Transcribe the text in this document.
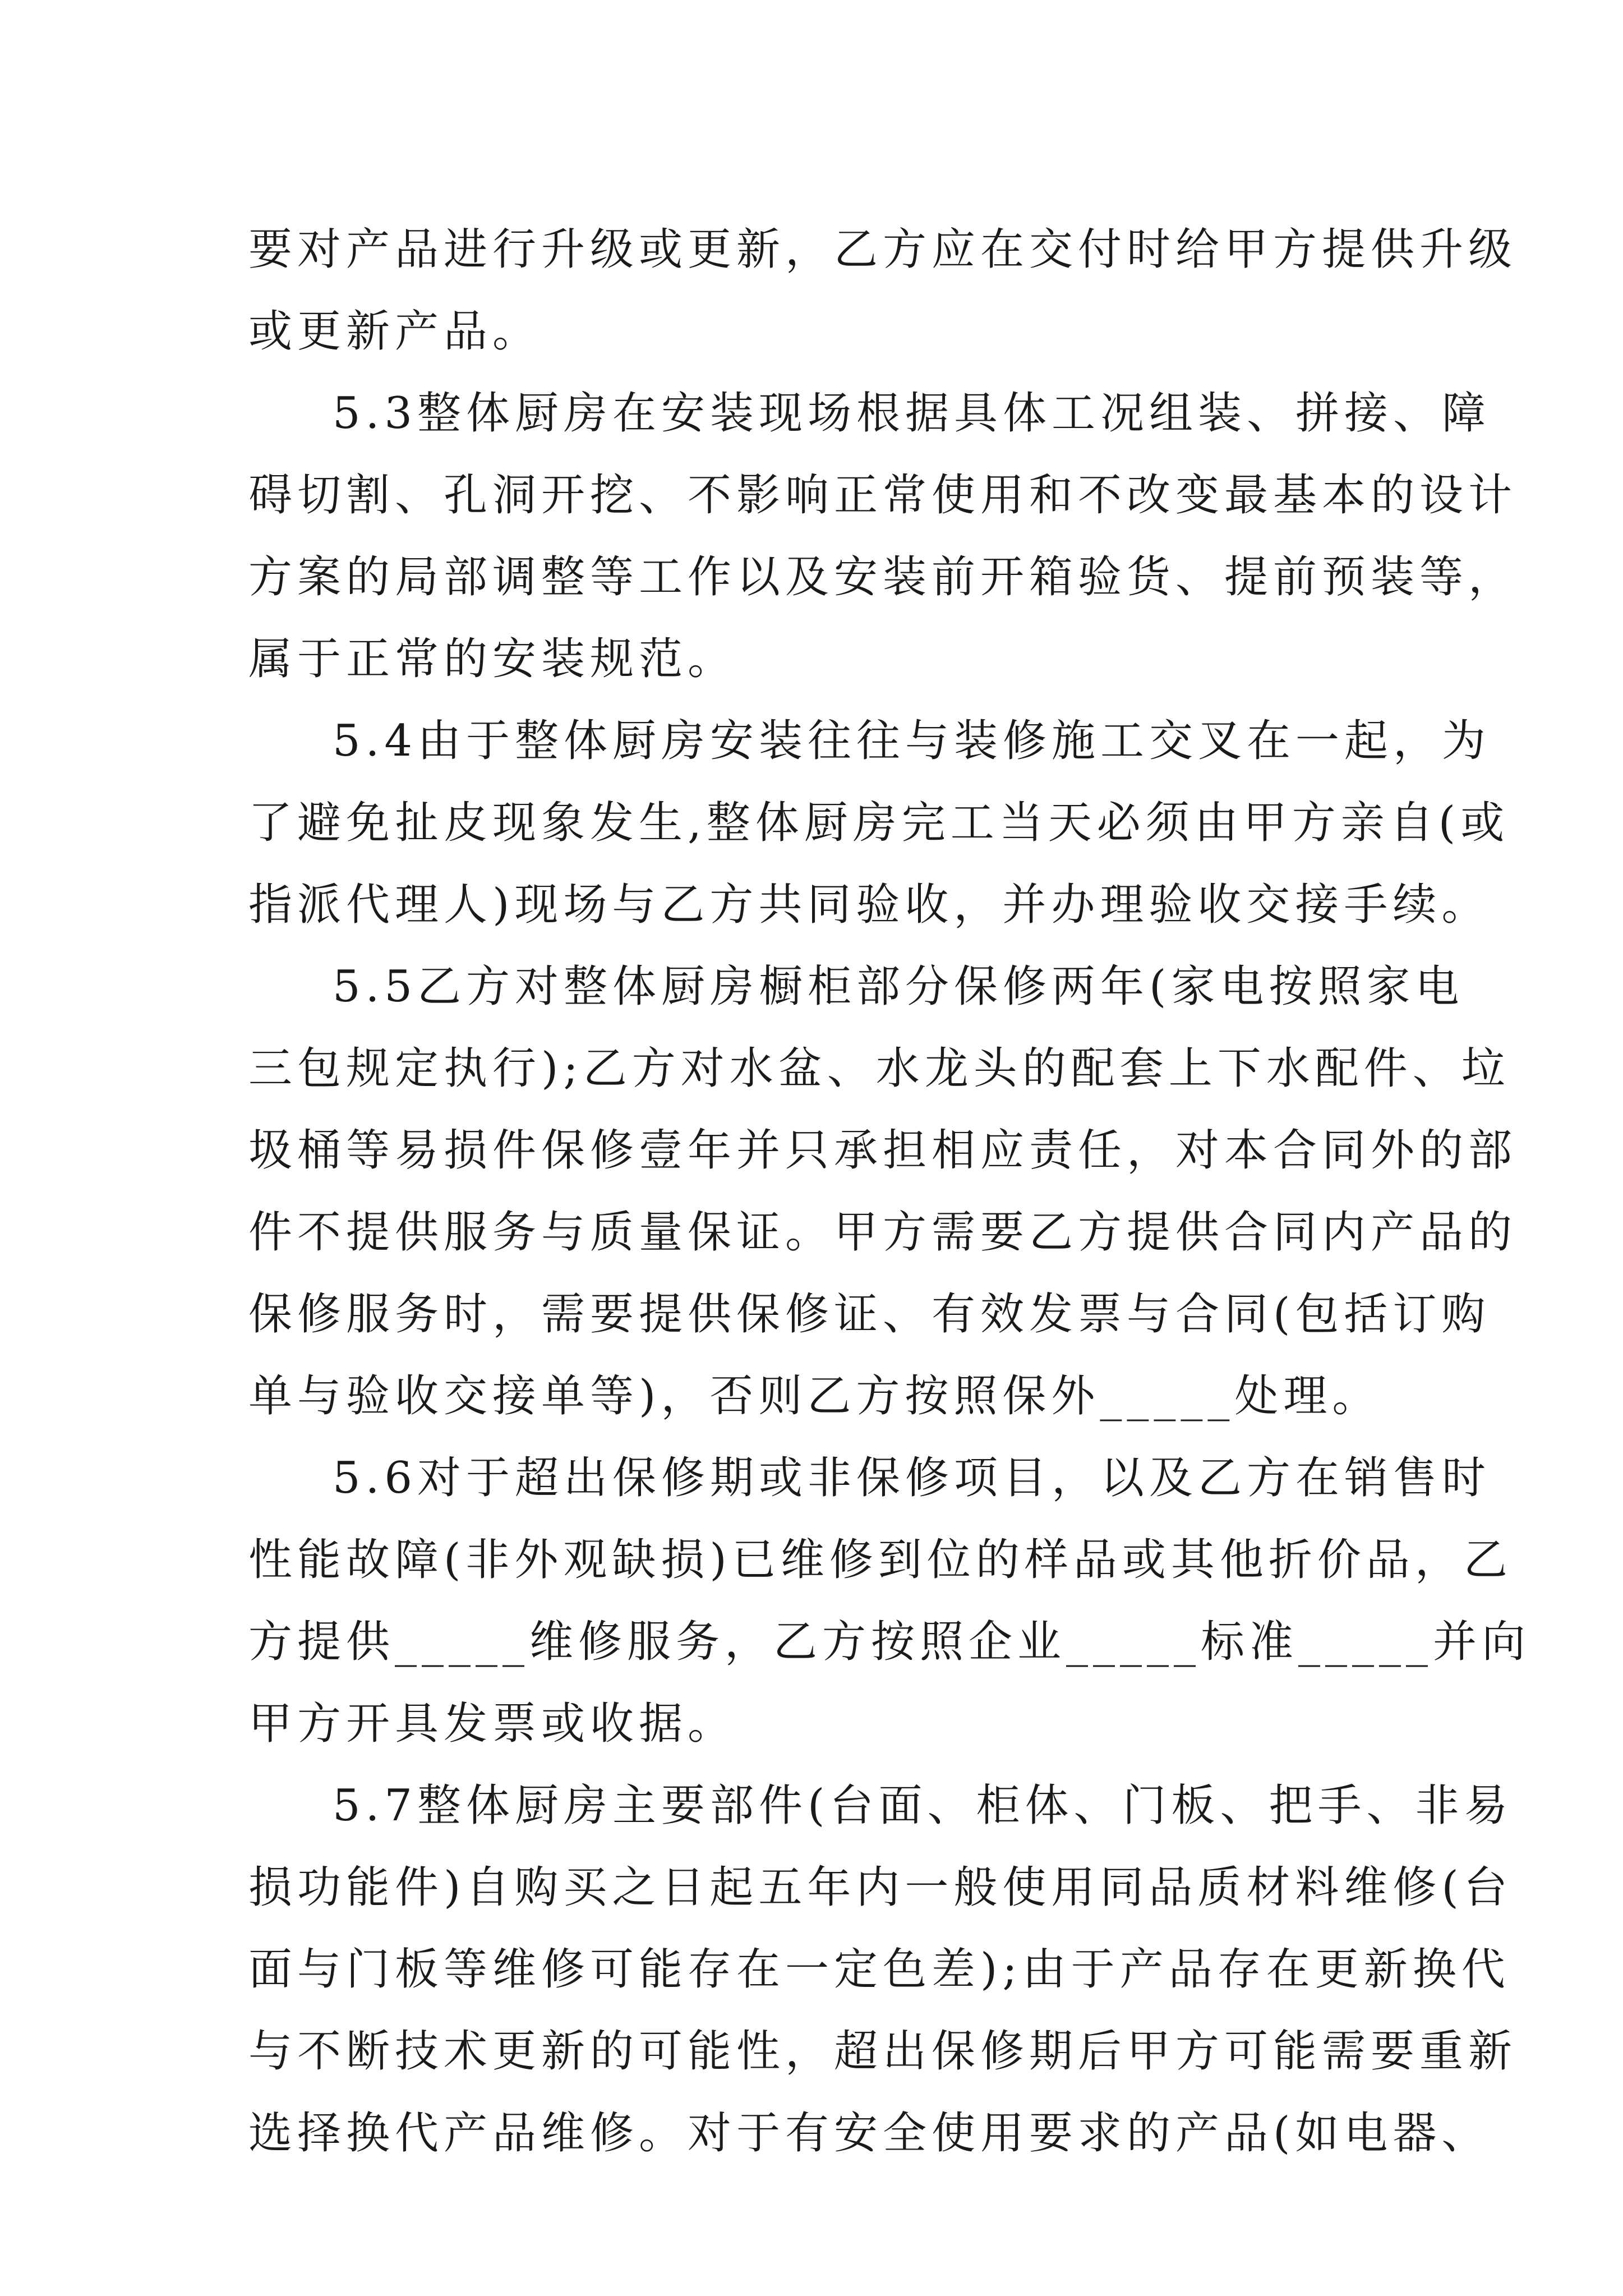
要对产品进行升级或更新，乙方应在交付时给甲方提供升级
或更新产品。
5.3整体厨房在安装现场根据具体工况组装、拼接、障
碍切割、孔洞开挖、不影响正常使用和不改变最基本的设计
方案的局部调整等工作以及安装前开箱验货、提前预装等，
属于正常的安装规范。
5.4由于整体厨房安装往往与装修施工交叉在一起，为
了避免扯皮现象发生,整体厨房完工当天必须由甲方亲自(或
指派代理人)现场与乙方共同验收，并办理验收交接手续。
5.5乙方对整体厨房橱柜部分保修两年(家电按照家电
三包规定执行);乙方对水盆、水龙头的配套上下水配件、垃
圾桶等易损件保修壹年并只承担相应责任，对本合同外的部
件不提供服务与质量保证。甲方需要乙方提供合同内产品的
保修服务时，需要提供保修证、有效发票与合同(包括订购
单与验收交接单等)，否则乙方按照保外_____处理。
5.6对于超出保修期或非保修项目，以及乙方在销售时
性能故障(非外观缺损)已维修到位的样品或其他折价品，乙
方提供_____维修服务，乙方按照企业_____标准_____并向
甲方开具发票或收据。
5.7整体厨房主要部件(台面、柜体、门板、把手、非易
损功能件)自购买之日起五年内一般使用同品质材料维修(台
面与门板等维修可能存在一定色差);由于产品存在更新换代
与不断技术更新的可能性，超出保修期后甲方可能需要重新
选择换代产品维修。对于有安全使用要求的产品(如电器、
